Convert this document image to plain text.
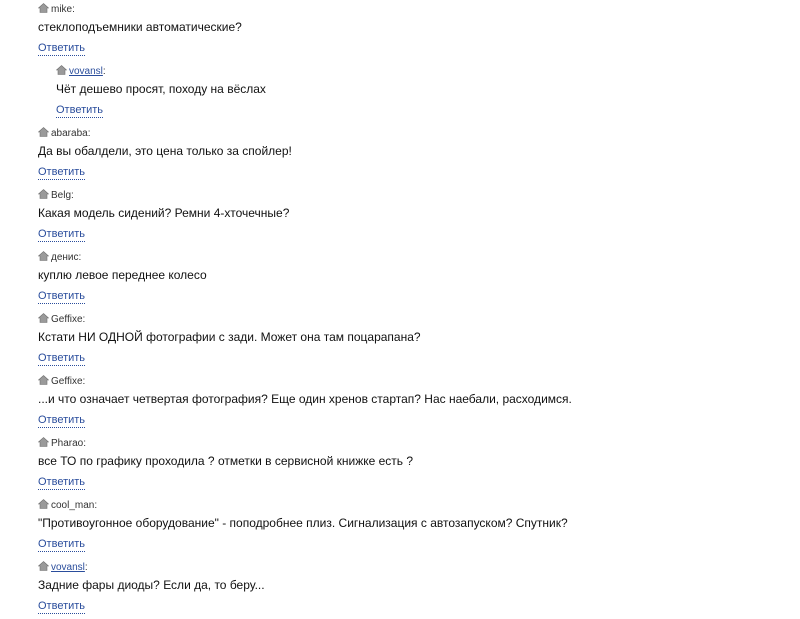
mike:
стеклоподъемники автоматические?
Ответить
vovansl:
Чёт дешево просят, походу на вёслах
Ответить
abaraba:
Да вы обалдели, это цена только за спойлер!
Ответить
Belg:
Какая модель сидений? Ремни 4-хточечные?
Ответить
денис:
куплю левое переднее колесо
Ответить
Geffixe:
Кстати НИ ОДНОЙ фотографии с зади. Может она там поцарапана?
Ответить
Geffixe:
...и что означает четвертая фотография? Еще один хренов стартап? Нас наебали, расходимся.
Ответить
Pharao:
все ТО по графику проходила ? отметки в сервисной книжке есть ?
Ответить
cool_man:
"Противоугонное оборудование" - поподробнее плиз. Сигнализация с автозапуском? Спутник?
Ответить
vovansl:
Задние фары диоды? Если да, то беру...
Ответить
